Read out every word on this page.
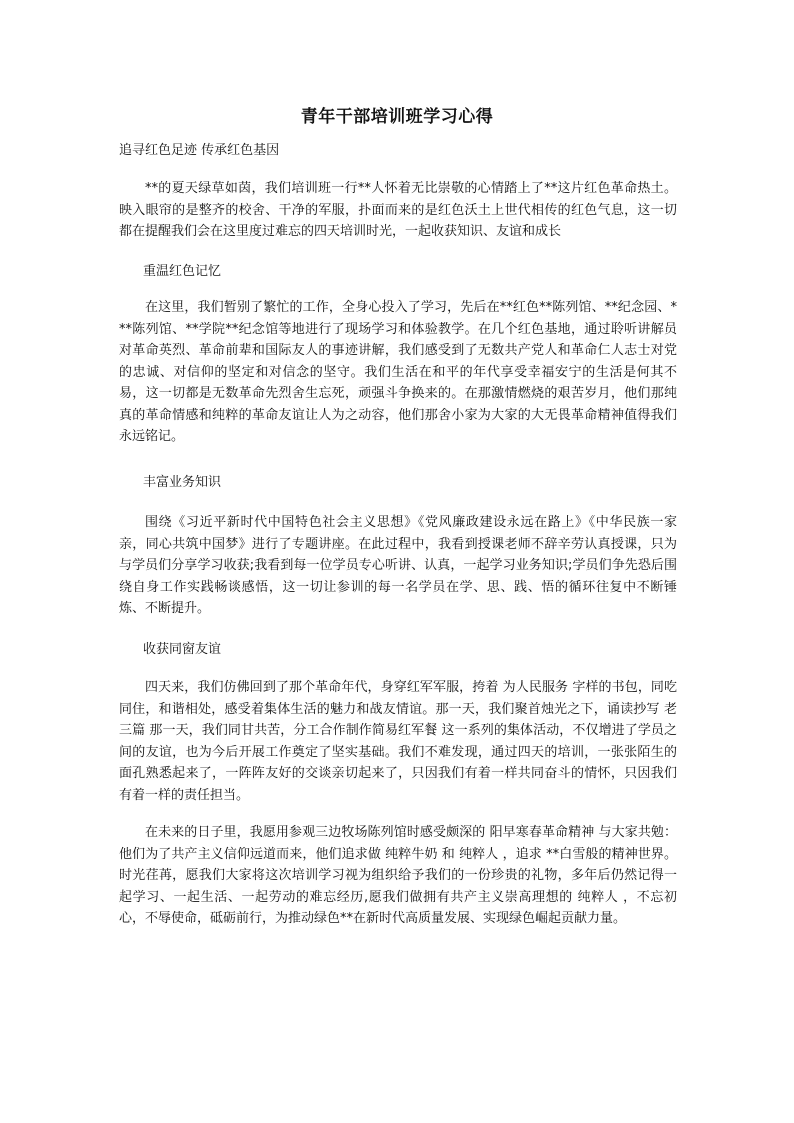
青年干部培训班学习心得
追寻红色足迹 传承红色基因

**的夏天绿草如茵，我们培训班一行**人怀着无比崇敬的心情踏上了**这片红色革命热土。映入眼帘的是整齐的校舍、干净的军服，扑面而来的是红色沃土上世代相传的红色气息，这一切都在提醒我们会在这里度过难忘的四天培训时光，一起收获知识、友谊和成长

重温红色记忆

在这里，我们暂别了繁忙的工作，全身心投入了学习，先后在**红色**陈列馆、**纪念园、***陈列馆、**学院**纪念馆等地进行了现场学习和体验教学。在几个红色基地，通过聆听讲解员对革命英烈、革命前辈和国际友人的事迹讲解，我们感受到了无数共产党人和革命仁人志士对党的忠诚、对信仰的坚定和对信念的坚守。我们生活在和平的年代享受幸福安宁的生活是何其不易，这一切都是无数革命先烈舍生忘死，顽强斗争换来的。在那激情燃烧的艰苦岁月，他们那纯真的革命情感和纯粹的革命友谊让人为之动容，他们那舍小家为大家的大无畏革命精神值得我们永远铭记。

丰富业务知识

围绕《习近平新时代中国特色社会主义思想》《党风廉政建设永远在路上》《中华民族一家亲，同心共筑中国梦》进行了专题讲座。在此过程中，我看到授课老师不辞辛劳认真授课，只为与学员们分享学习收获;我看到每一位学员专心听讲、认真，一起学习业务知识;学员们争先恐后围绕自身工作实践畅谈感悟，这一切让参训的每一名学员在学、思、践、悟的循环往复中不断锤炼、不断提升。

收获同窗友谊

四天来，我们仿佛回到了那个革命年代，身穿红军军服，挎着 为人民服务 字样的书包，同吃同住，和谐相处，感受着集体生活的魅力和战友情谊。那一天，我们聚首烛光之下，诵读抄写 老三篇 那一天，我们同甘共苦，分工合作制作简易红军餐 这一系列的集体活动，不仅增进了学员之间的友谊，也为今后开展工作奠定了坚实基础。我们不难发现，通过四天的培训，一张张陌生的面孔熟悉起来了，一阵阵友好的交谈亲切起来了，只因我们有着一样共同奋斗的情怀，只因我们有着一样的责任担当。

在未来的日子里，我愿用参观三边牧场陈列馆时感受颇深的 阳早寒春革命精神 与大家共勉：他们为了共产主义信仰远道而来，他们追求做 纯粹牛奶 和 纯粹人 ，追求 **白雪般的精神世界。时光荏苒，愿我们大家将这次培训学习视为组织给予我们的一份珍贵的礼物，多年后仍然记得一起学习、一起生活、一起劳动的难忘经历,愿我们做拥有共产主义崇高理想的 纯粹人 ，不忘初心，不辱使命，砥砺前行，为推动绿色**在新时代高质量发展、实现绿色崛起贡献力量。
